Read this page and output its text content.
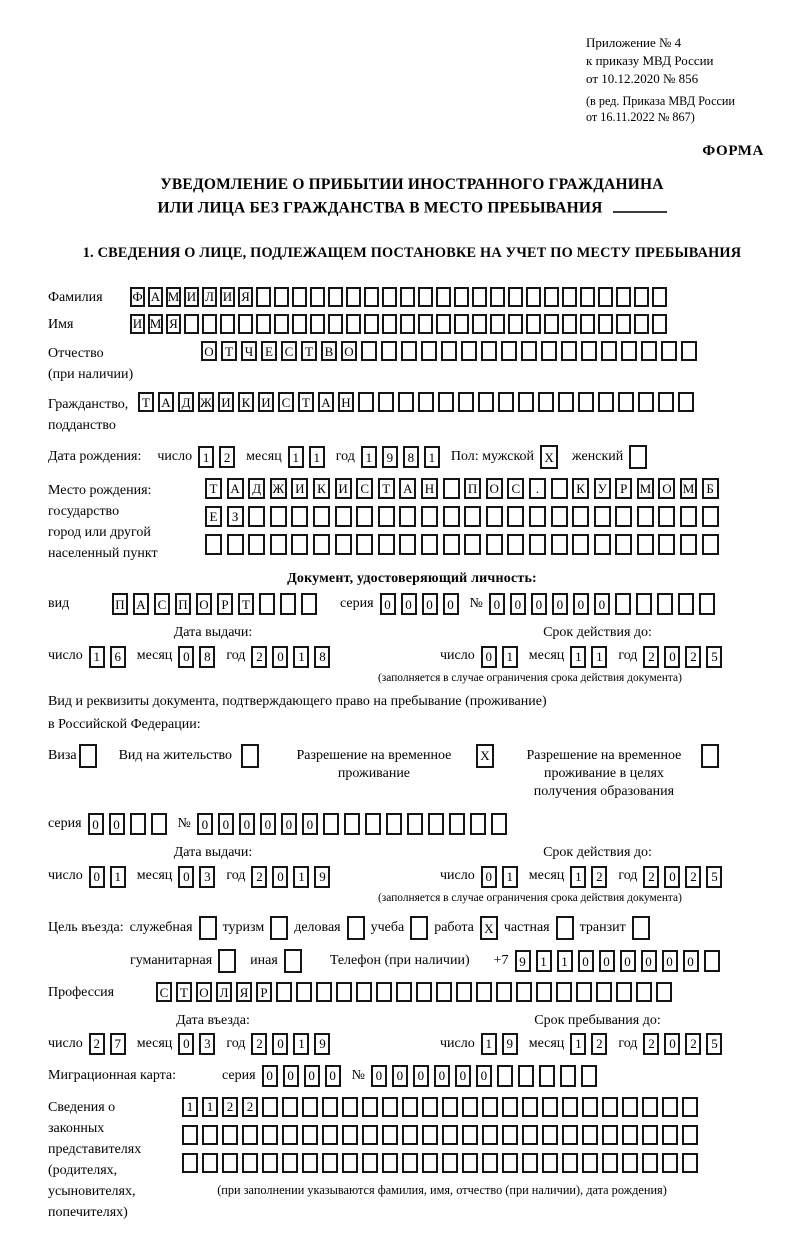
Приложение № 4
к приказу МВД России
от 10.12.2020 № 856
(в ред. Приказа МВД России
от 16.11.2022 № 867)
ФОРМА
УВЕДОМЛЕНИЕ О ПРИБЫТИИ ИНОСТРАННОГО ГРАЖДАНИНА
ИЛИ ЛИЦА БЕЗ ГРАЖДАНСТВА В МЕСТО ПРЕБЫВАНИЯ
1. СВЕДЕНИЯ О ЛИЦЕ, ПОДЛЕЖАЩЕМ ПОСТАНОВКЕ НА УЧЕТ ПО МЕСТУ ПРЕБЫВАНИЯ
Фамилия	Ф А М И Л И Я
Имя	И М Я
Отчество
(при наличии)
О Т Ч Е С Т В О
Гражданство,
подданство
Т А Д Ж И К И С Т А Н
Дата рождения: число 1	2	месяц 1	1	год 1	9	8	1	Пол: мужской X	женский
Место рождения:
государство
город или другой
населенный пункт
Т А Д Ж И К И С	Т А Н	П О С	.	К У	Р М О М Б
Е	З
Документ, удостоверяющий личность:
вид	П А С П О Р	Т	серия 0	0	0	0	№ 0	0	0	0	0	0
Дата выдачи:
число 1	6	месяц 0	8	год 2	0	1	8
Срок действия до:
число 0	1	месяц 1	1	год 2	0	2	5
(заполняется в случае ограничения срока действия документа)
Вид и реквизиты документа, подтверждающего право на пребывание (проживание)
в Российской Федерации:
Виза	Вид на жительство	Разрешение на временное проживание
X	Разрешение на временное проживание в целях получения образования
серия 0	0	№ 0	0	0	0	0	0
Дата выдачи:
число 0	1	месяц 0	3	год 2	0	1	9
Срок действия до:
число 0	1	месяц 1	2	год 2	0	2	5
(заполняется в случае ограничения срока действия документа)
Цель въезда: служебная туризм деловая учеба работа X частная транзит
гуманитарная	иная	Телефон (при наличии) +7 9	1	1	0	0	0	0	0	0
Профессия	С Т О Л Я Р
Дата въезда:
число 2	7	месяц 0	3	год 2	0	1	9
Срок пребывания до:
число 1	9	месяц 1	2	год 2	0	2	5
Миграционная карта:	серия 0	0	0	0	№ 0	0	0	0	0	0
Сведения о
законных
представителях
(родителях,
усыновителях,
попечителях)
1	1	2	2
(при заполнении указываются фамилия, имя, отчество (при наличии), дата рождения)
